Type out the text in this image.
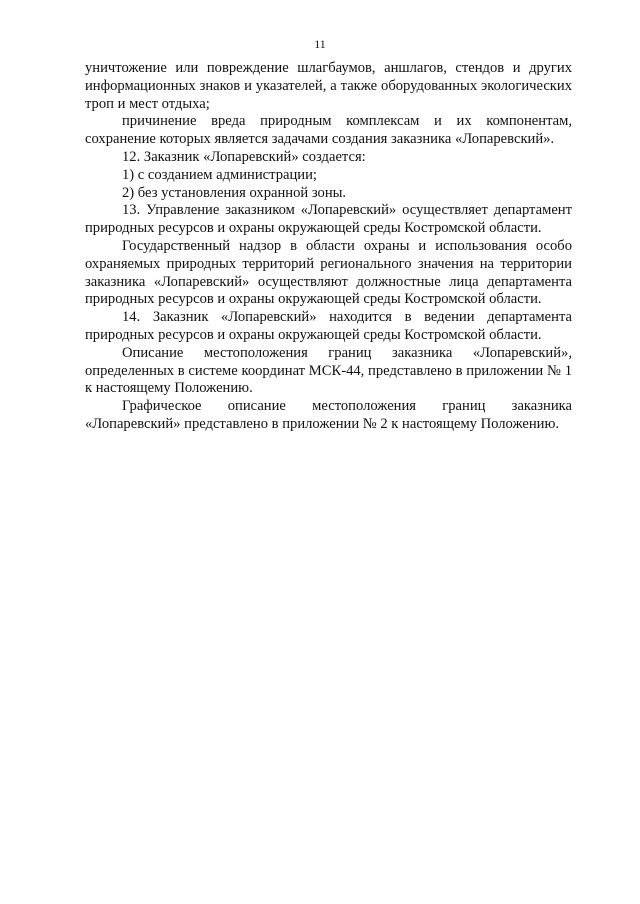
11

уничтожение или повреждение шлагбаумов, аншлагов, стендов и других информационных знаков и указателей, а также оборудованных экологических троп и мест отдыха;

причинение вреда природным комплексам и их компонентам, сохранение которых является задачами создания заказника «Лопаревский».

12. Заказник «Лопаревский» создается:

1) с созданием администрации;

2) без установления охранной зоны.

13. Управление заказником «Лопаревский» осуществляет департамент природных ресурсов и охраны окружающей среды Костромской области.

Государственный надзор в области охраны и использования особо охраняемых природных территорий регионального значения на территории заказника «Лопаревский» осуществляют должностные лица департамента природных ресурсов и охраны окружающей среды Костромской области.

14. Заказник «Лопаревский» находится в ведении департамента природных ресурсов и охраны окружающей среды Костромской области.

Описание местоположения границ заказника «Лопаревский», определенных в системе координат МСК-44, представлено в приложении № 1 к настоящему Положению.

Графическое описание местоположения границ заказника «Лопаревский» представлено в приложении № 2 к настоящему Положению.
